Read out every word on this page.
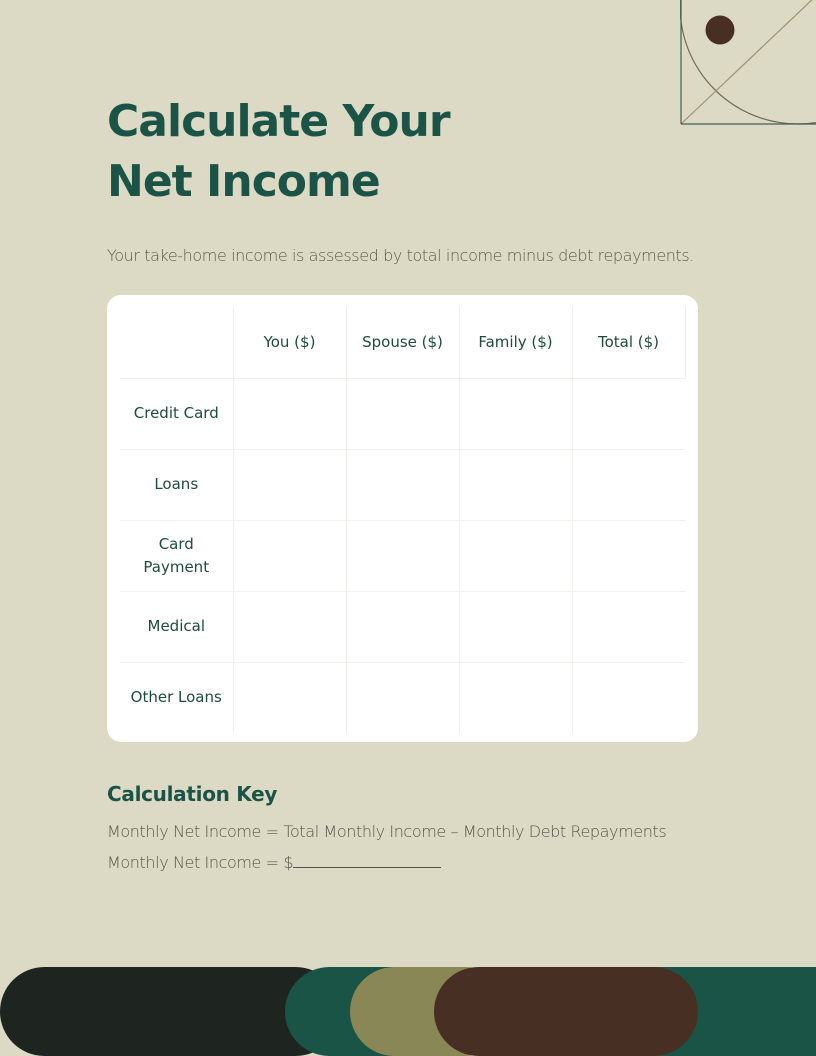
Calculate Your
Net Income

Your take-home income is assessed by total income minus debt repayments.

	You ($)	Spouse ($)	Family ($)	Total ($)
Credit Card				
Loans				
Card Payment				
Medical				
Other Loans				
Calculation Key

Monthly Net Income = Total Monthly Income – Monthly Debt Repayments

Monthly Net Income = $
